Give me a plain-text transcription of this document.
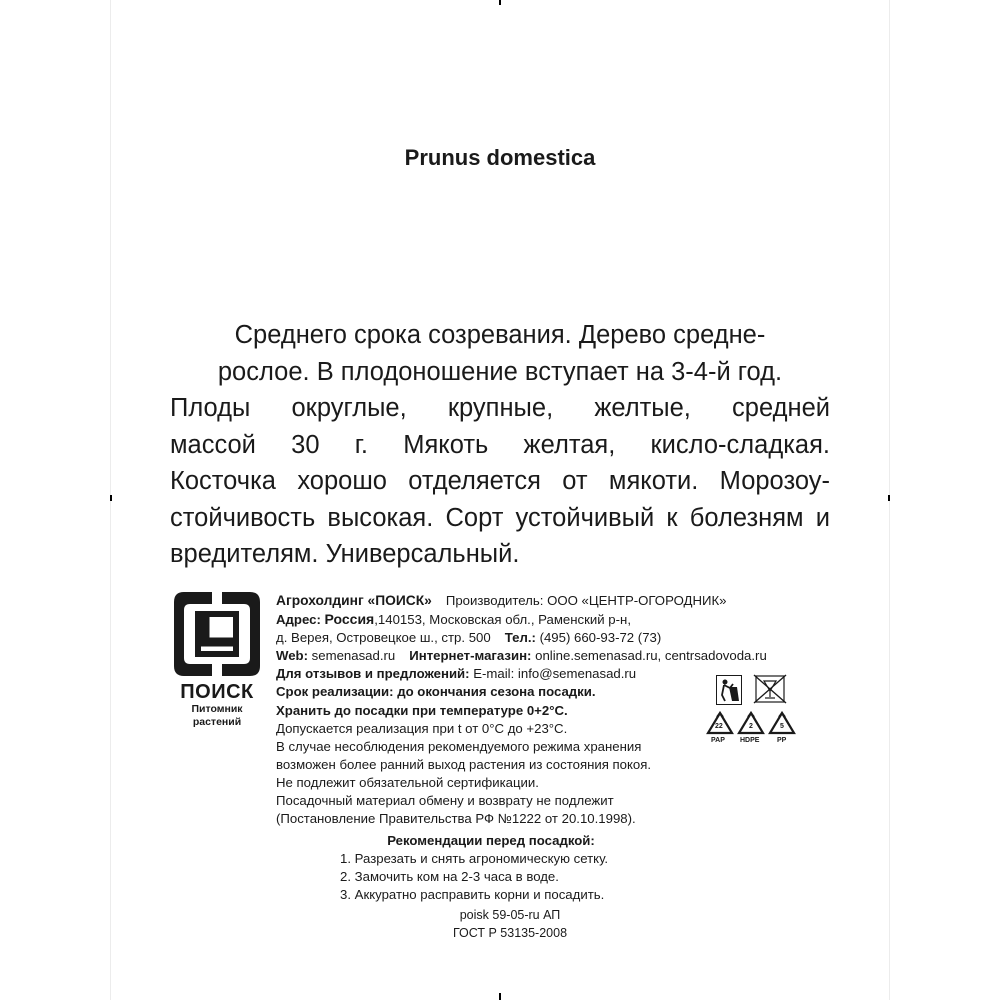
Prunus domestica
Среднего срока созревания. Дерево средне-
рослое. В плодоношение вступает на 3-4-й год.
Плоды округлые, крупные, желтые, средней
массой 30 г. Мякоть желтая, кисло-сладкая.
Косточка хорошо отделяется от мякоти. Морозоу-
стойчивость высокая. Сорт устойчивый к болезням и
вредителям. Универсальный.
ПОИСК
Питомник
растений
Агрохолдинг «ПОИСК» Производитель: ООО «ЦЕНТР-ОГОРОДНИК»
Адрес: Россия,140153, Московская обл., Раменский р-н,
д. Верея, Островецкое ш., стр. 500 Тел.: (495) 660-93-72 (73)
Web: semenasad.ru Интернет-магазин: online.semenasad.ru, centrsadovoda.ru
Для отзывов и предложений: E-mail: info@semenasad.ru
Срок реализации: до окончания сезона посадки.
Хранить до посадки при температуре 0+2°С.
Допускается реализация при t от 0°С до +23°С.
В случае несоблюдения рекомендуемого режима хранения
возможен более ранний выход растения из состояния покоя.
Не подлежит обязательной сертификации.
Посадочный материал обмену и возврату не подлежит
(Постановление Правительства РФ №1222 от 20.10.1998).
22	2	5
PAP HDPE	PP
Рекомендации перед посадкой:
1. Разрезать и снять агрономическую сетку.
2. Замочить ком на 2-3 часа в воде.
3. Аккуратно расправить корни и посадить.
poisk 59-05-ru АП
ГОСТ Р 53135-2008
